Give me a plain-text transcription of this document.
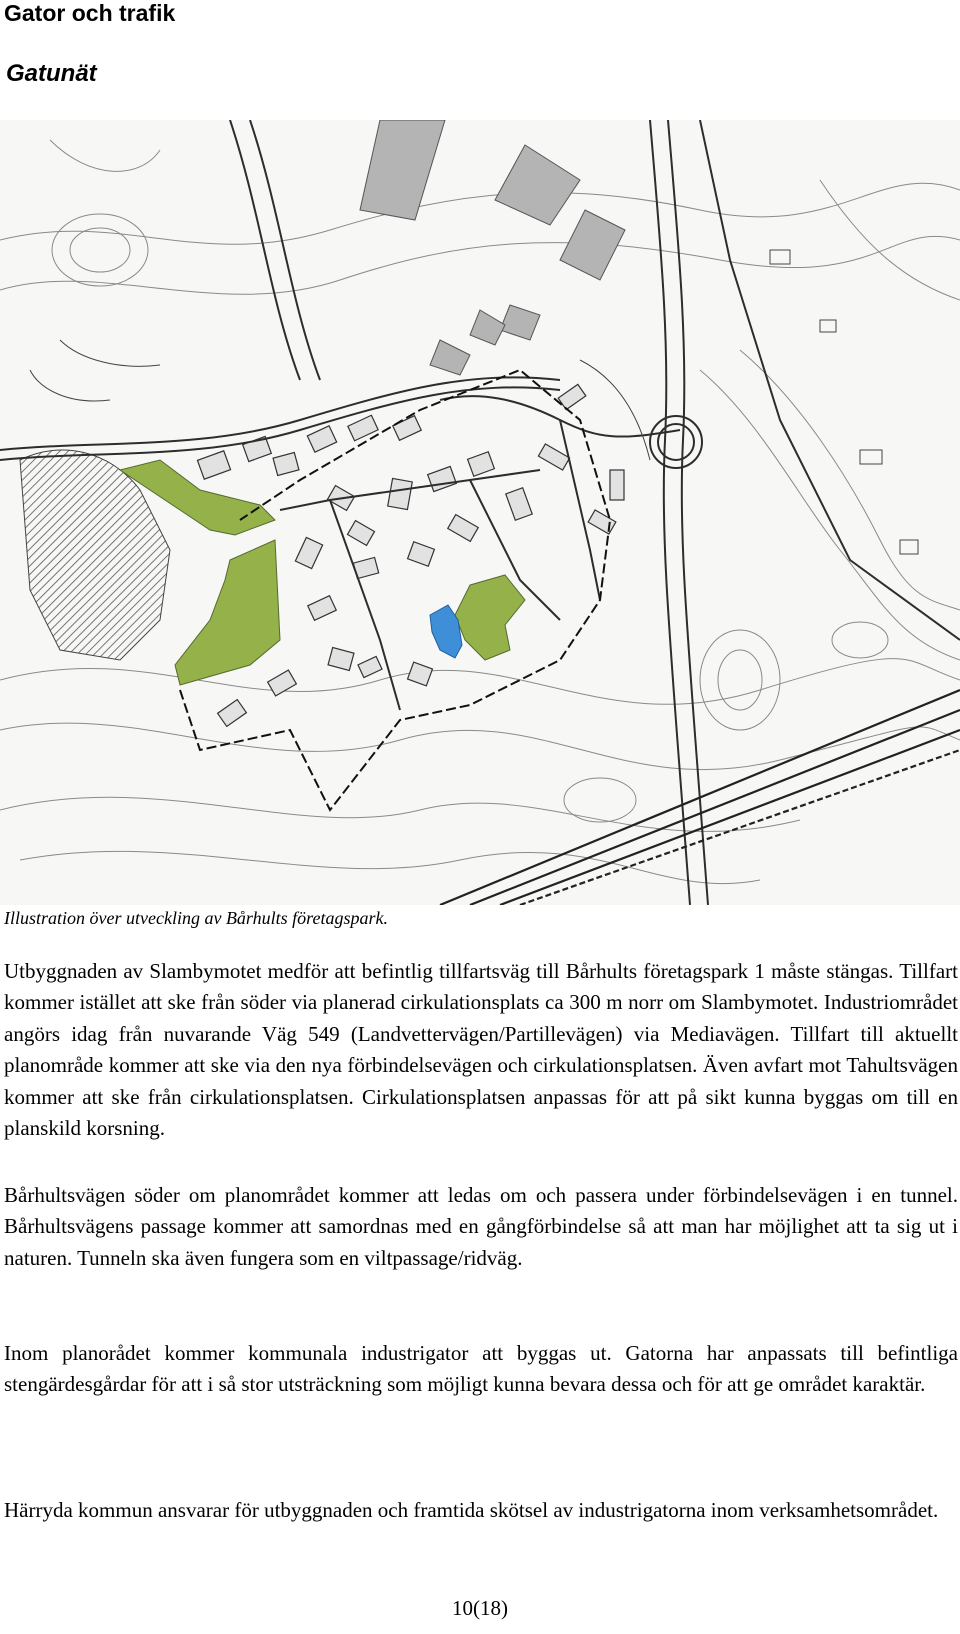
Gator och trafik
Gatunät

Illustration över utveckling av Bårhults företagspark.

Utbyggnaden av Slambymotet medför att befintlig tillfartsväg till Bårhults företagspark 1 måste stängas. Tillfart kommer istället att ske från söder via planerad cirkulationsplats ca 300 m norr om Slambymotet. Industriområdet angörs idag från nuvarande Väg 549 (Landvettervägen/Partillevägen) via Mediavägen. Tillfart till aktuellt planområde kommer att ske via den nya förbindelsevägen och cirkulationsplatsen. Även avfart mot Tahultsvägen kommer att ske från cirkulationsplatsen. Cirkulationsplatsen anpassas för att på sikt kunna byggas om till en planskild korsning.

Bårhultsvägen söder om planområdet kommer att ledas om och passera under förbindelsevägen i en tunnel. Bårhultsvägens passage kommer att samordnas med en gångförbindelse så att man har möjlighet att ta sig ut i naturen. Tunneln ska även fungera som en viltpassage/ridväg.

Inom planorådet kommer kommunala industrigator att byggas ut. Gatorna har anpassats till befintliga stengärdesgårdar för att i så stor utsträckning som möjligt kunna bevara dessa och för att ge området karaktär.

Härryda kommun ansvarar för utbyggnaden och framtida skötsel av industrigatorna inom verksamhetsområdet.

10(18)
